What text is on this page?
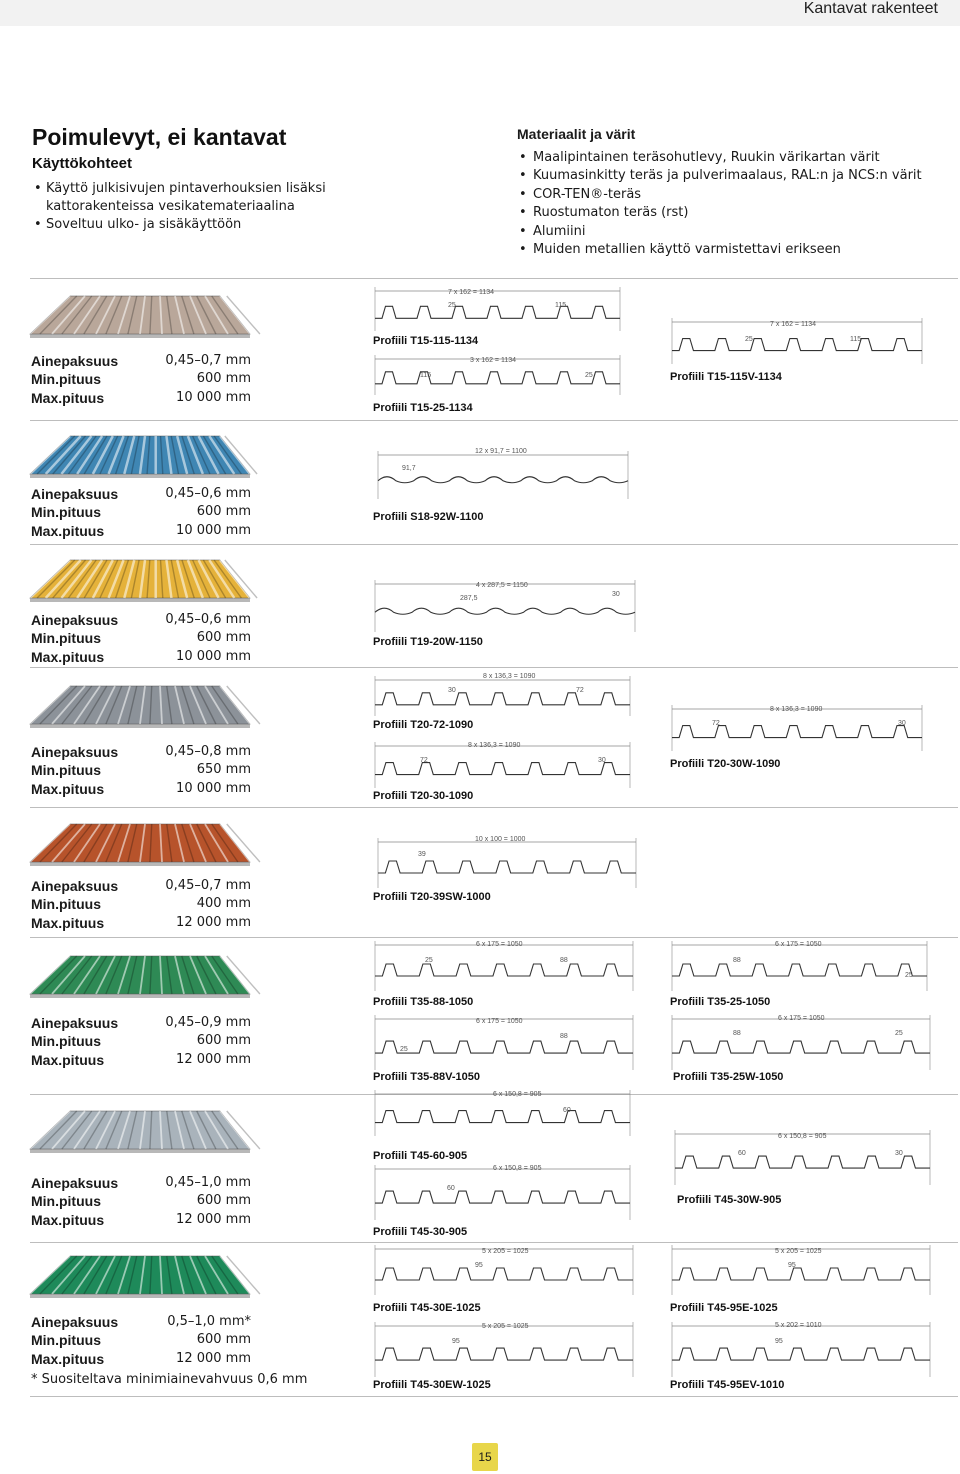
Kantavat rakenteet
Poimulevyt, ei kantavat
Käyttökohteet
• Käyttö julkisivujen pintaverhouksien lisäksi kattorakenteissa vesikatemateriaalina
• Soveltuu ulko- ja sisäkäyttöön
Materiaalit ja värit
• Maalipintainen teräsohutlevy, Ruukin värikartan värit
• Kuumasinkitty teräs ja pulverimaalaus, RAL:n ja NCS:n värit
• COR-TEN®-teräs
• Ruostumaton teräs (rst)
• Alumiini
• Muiden metallien käyttö varmistettavi erikseen
Ainepaksuus	0,45–0,7 mm
Min.pituus	600 mm
Max.pituus	10 000 mm
7 x 162 = 1134
25	115
3 x 162 = 1134
115	25
7 x 162 = 1134
25	115
Profiili T15-115-1134
Profiili T15-25-1134
Profiili T15-115V-1134
Ainepaksuus	0,45–0,6 mm
Min.pituus	600 mm
Max.pituus	10 000 mm
12 x 91,7 = 1100
91,7
Profiili S18-92W-1100
Ainepaksuus	0,45–0,6 mm
Min.pituus	600 mm
Max.pituus	10 000 mm
4 x 287,5 = 1150
287,5
30
Profiili T19-20W-1150
Ainepaksuus	0,45–0,8 mm
Min.pituus	650 mm
Max.pituus	10 000 mm
8 x 136,3 = 1090
30	72
8 x 136,3 = 1090
72	30
8 x 136,3 = 1090
72	30
Profiili T20-72-1090
Profiili T20-30-1090
Profiili T20-30W-1090
Ainepaksuus	0,45–0,7 mm
Min.pituus	400 mm
Max.pituus	12 000 mm
10 x 100 = 1000
39
Profiili T20-39SW-1000
Ainepaksuus	0,45–0,9 mm
Min.pituus	600 mm
Max.pituus	12 000 mm
6 x 175 = 1050
25	88
6 x 175 = 1050
88
25
6 x 175 = 1050
25
88
6 x 175 = 1050
88	25
Profiili T35-88-1050	Profiili T35-25-1050
Profiili T35-88V-1050	Profiili T35-25W-1050
Ainepaksuus	0,45–1,0 mm
Min.pituus	600 mm
Max.pituus	12 000 mm
6 x 150,8 = 905
60
6 x 150,8 = 905
60
6 x 150,8 = 905
60	30
Profiili T45-60-905
Profiili T45-30-905
Profiili T45-30W-905
Ainepaksuus	0,5–1,0 mm*
Min.pituus	600 mm
Max.pituus	12 000 mm
5 x 205 = 1025
95
5 x 205 = 1025
95
5 x 205 = 1025
95
5 x 202 = 1010
95
Profiili T45-30E-1025	Profiili T45-95E-1025
Profiili T45-30EW-1025	Profiili T45-95EV-1010
* Suositeltava minimiainevahvuus 0,6 mm
15
